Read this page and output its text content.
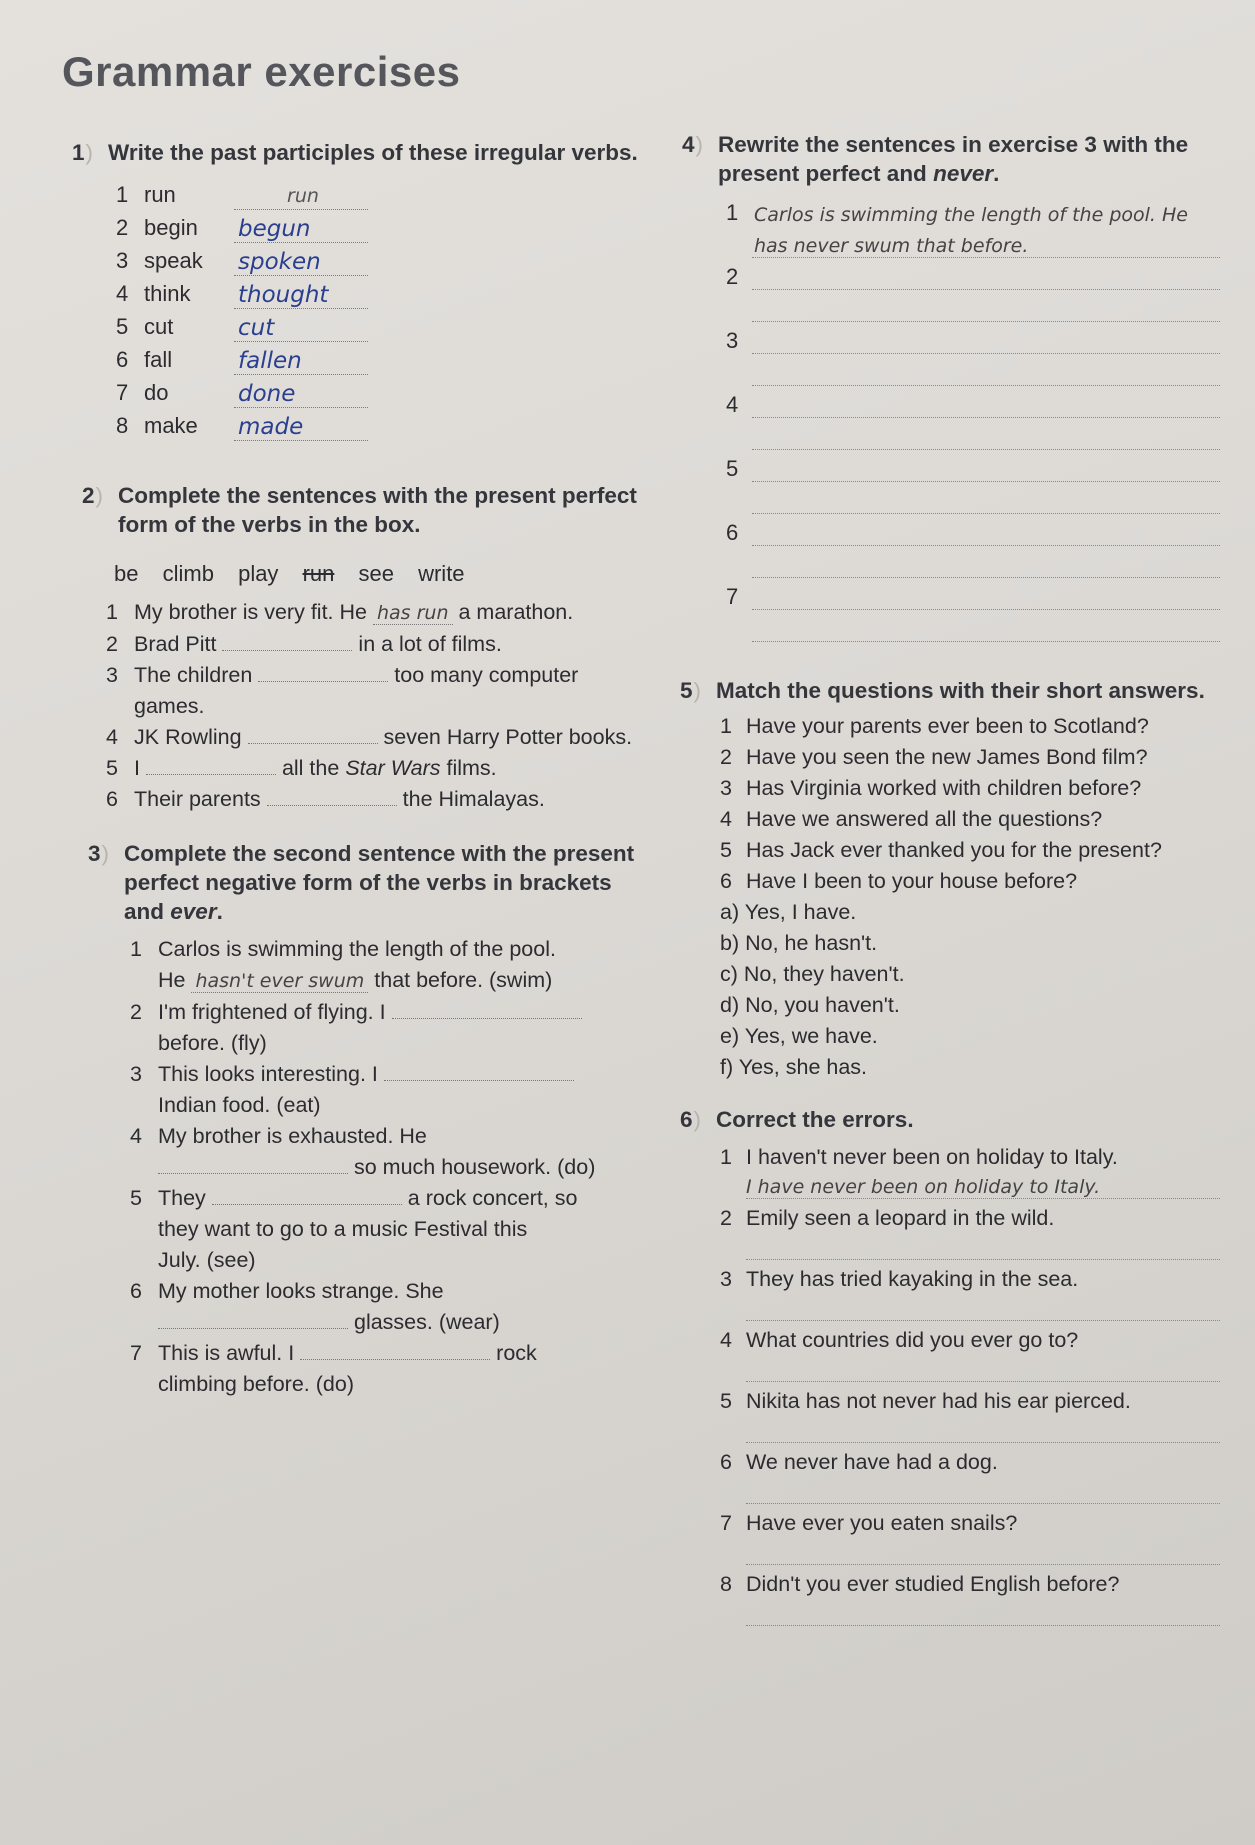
Grammar exercises
1 )	Write the past participles of these irregular verbs.
1 run	run
2 begin	begun
3 speak	spoken
4 think	thought
5 cut	cut
6 fall	fallen
7 do	done
8 make	made
2 )	Complete the sentences with the present perfect form of the verbs in the box.
be climb play run see write
1 My brother is very fit. He has run a marathon.
2 Brad Pitt	in a lot of films.
3 The children	too many computer games.
4 JK Rowling	seven Harry Potter books.
5 I	all the Star Wars films.
6 Their parents	the Himalayas.
3 )	Complete the second sentence with the present perfect negative form of the verbs in brackets and ever.
1 Carlos is swimming the length of the pool.
He hasn't ever swum that before. (swim)
2 I'm frightened of flying. I
before. (fly)
3 This looks interesting. I
Indian food. (eat)
4 My brother is exhausted. He
so much housework. (do)
5 They	a rock concert, so
they want to go to a music Festival this
July. (see)
6 My mother looks strange. She
glasses. (wear)
7 This is awful. I	rock
climbing before. (do)
4 )	Rewrite the sentences in exercise 3 with the present perfect and never.
1 Carlos is swimming the length of the pool. He
has never swum that before.
2
3
4
5
6
7
5 )	Match the questions with their short answers.
1 Have your parents ever been to Scotland?
2 Have you seen the new James Bond film?
3 Has Virginia worked with children before?
4 Have we answered all the questions?
5 Has Jack ever thanked you for the present?
6 Have I been to your house before?
a) Yes, I have.
b) No, he hasn't.
c) No, they haven't.
d) No, you haven't.
e) Yes, we have.
f) Yes, she has.
6 )	Correct the errors.
1 I haven't never been on holiday to Italy.
I have never been on holiday to Italy.
2 Emily seen a leopard in the wild.
3 They has tried kayaking in the sea.
4 What countries did you ever go to?
5 Nikita has not never had his ear pierced.
6 We never have had a dog.
7 Have ever you eaten snails?
8 Didn't you ever studied English before?
